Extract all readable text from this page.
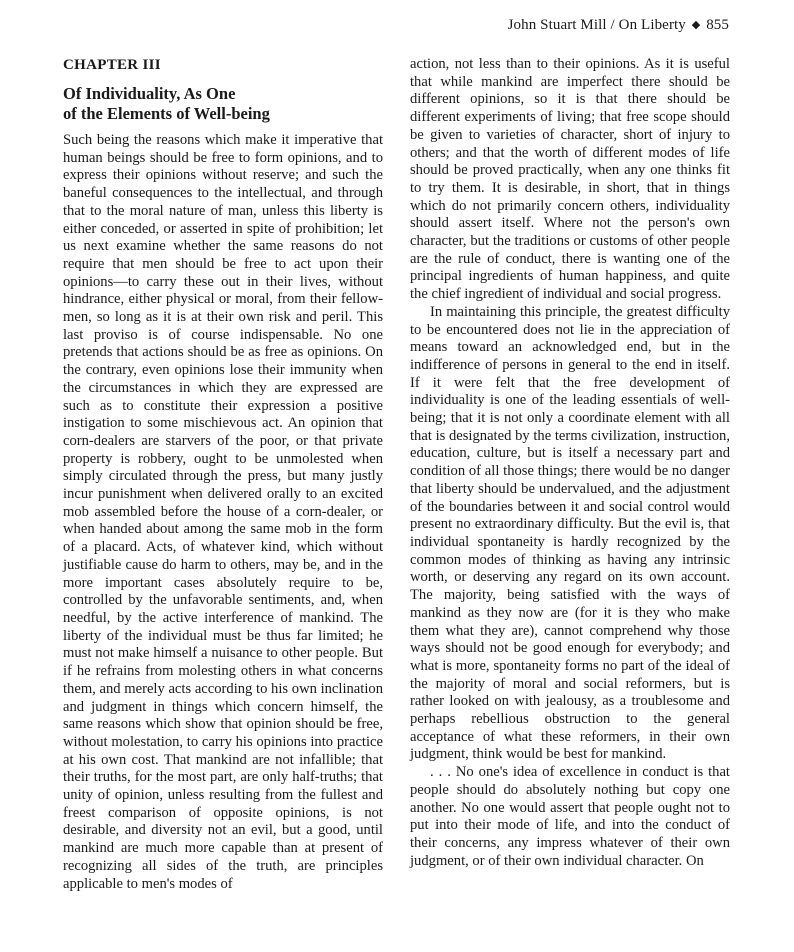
John Stuart Mill / On Liberty ◆ 855
CHAPTER III
Of Individuality, As One
of the Elements of Well-being

Such being the reasons which make it imperative that human beings should be free to form opinions, and to express their opinions without reserve; and such the baneful consequences to the intellectual, and through that to the moral nature of man, unless this liberty is either conceded, or asserted in spite of prohibition; let us next examine whether the same reasons do not require that men should be free to act upon their opinions—to carry these out in their lives, without hindrance, either physical or moral, from their fellow-men, so long as it is at their own risk and peril. This last proviso is of course indispensable. No one pretends that actions should be as free as opinions. On the contrary, even opinions lose their immunity when the circumstances in which they are expressed are such as to constitute their expression a positive instigation to some mischievous act. An opinion that corn-dealers are starvers of the poor, or that private property is robbery, ought to be unmolested when simply circulated through the press, but many justly incur punishment when delivered orally to an excited mob assembled before the house of a corn-dealer, or when handed about among the same mob in the form of a placard. Acts, of whatever kind, which without justifiable cause do harm to others, may be, and in the more important cases absolutely require to be, controlled by the unfavorable sentiments, and, when needful, by the active interference of mankind. The liberty of the individual must be thus far limited; he must not make himself a nuisance to other people. But if he refrains from molesting others in what concerns them, and merely acts according to his own inclination and judgment in things which concern himself, the same reasons which show that opinion should be free, without molestation, to carry his opinions into practice at his own cost. That mankind are not infallible; that their truths, for the most part, are only half-truths; that unity of opinion, unless resulting from the fullest and freest comparison of opposite opinions, is not desirable, and diversity not an evil, but a good, until mankind are much more capable than at present of recognizing all sides of the truth, are principles applicable to men's modes of

action, not less than to their opinions. As it is useful that while mankind are imperfect there should be different opinions, so it is that there should be different experiments of living; that free scope should be given to varieties of character, short of injury to others; and that the worth of different modes of life should be proved practically, when any one thinks fit to try them. It is desirable, in short, that in things which do not primarily concern others, individuality should assert itself. Where not the person's own character, but the traditions or customs of other people are the rule of conduct, there is wanting one of the principal ingredients of human happiness, and quite the chief ingredient of individual and social progress.

In maintaining this principle, the greatest difficulty to be encountered does not lie in the appreciation of means toward an acknowledged end, but in the indifference of persons in general to the end in itself. If it were felt that the free development of individuality is one of the leading essentials of well-being; that it is not only a coordinate element with all that is designated by the terms civilization, instruction, education, culture, but is itself a necessary part and condition of all those things; there would be no danger that liberty should be undervalued, and the adjustment of the boundaries between it and social control would present no extraordinary difficulty. But the evil is, that individual spontaneity is hardly recognized by the common modes of thinking as having any intrinsic worth, or deserving any regard on its own account. The majority, being satisfied with the ways of mankind as they now are (for it is they who make them what they are), cannot comprehend why those ways should not be good enough for everybody; and what is more, spontaneity forms no part of the ideal of the majority of moral and social reformers, but is rather looked on with jealousy, as a troublesome and perhaps rebellious obstruction to the general acceptance of what these reformers, in their own judgment, think would be best for mankind.

. . . No one's idea of excellence in conduct is that people should do absolutely nothing but copy one another. No one would assert that people ought not to put into their mode of life, and into the conduct of their concerns, any impress whatever of their own judgment, or of their own individual character. On
